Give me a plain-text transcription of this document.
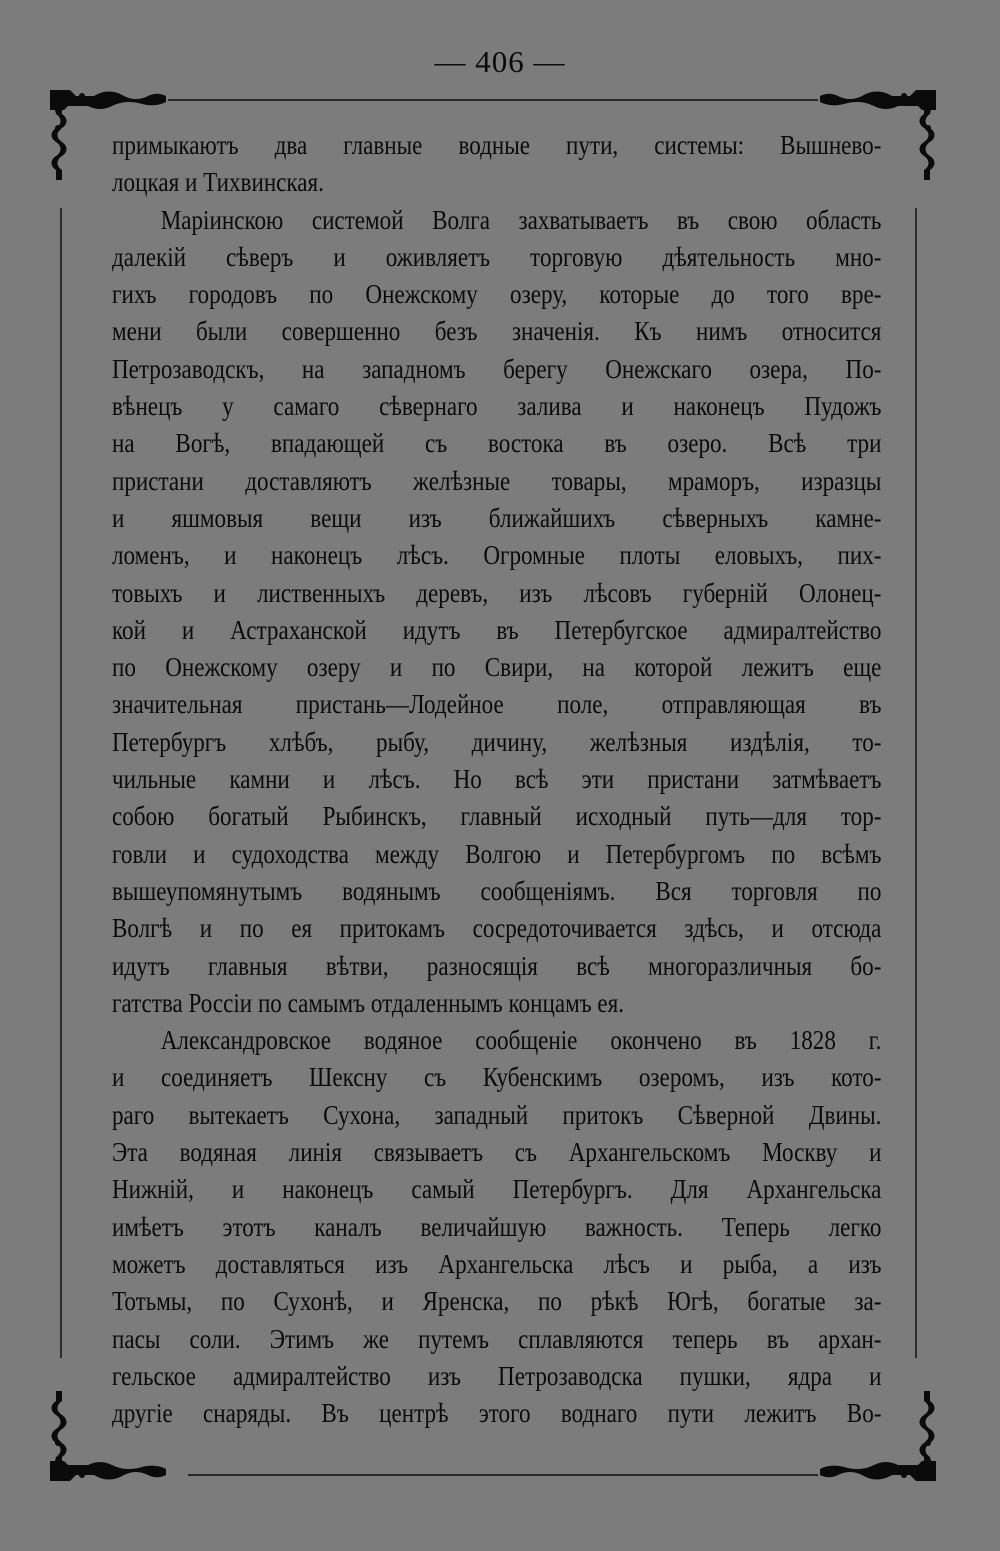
— 406 —
примыкаютъ два главные водные пути, системы: Вышнево-
лоцкая и Тихвинская.
Маріинскою системой Волга захватываетъ въ свою область
далекій сѣверъ и оживляетъ торговую дѣятельность мно-
гихъ городовъ по Онежскому озеру, которые до того вре-
мени были совершенно безъ значенія. Къ нимъ относится
Петрозаводскъ, на западномъ берегу Онежскаго озера, По-
вѣнецъ у самаго сѣвернаго залива и наконецъ Пудожъ
на Вогѣ, впадающей съ востока въ озеро. Всѣ три
пристани доставляютъ желѣзные товары, мраморъ, изразцы
и яшмовыя вещи изъ ближайшихъ сѣверныхъ камне-
ломенъ, и наконецъ лѣсъ. Огромные плоты еловыхъ, пих-
товыхъ и лиственныхъ деревъ, изъ лѣсовъ губерній Олонец-
кой и Астраханской идутъ въ Петербугское адмиралтейство
по Онежскому озеру и по Свири, на которой лежитъ еще
значительная пристань—Лодейное поле, отправляющая въ
Петербургъ хлѣбъ, рыбу, дичину, желѣзныя издѣлія, то-
чильные камни и лѣсъ. Но всѣ эти пристани затмѣваетъ
собою богатый Рыбинскъ, главный исходный путь—для тор-
говли и судоходства между Волгою и Петербургомъ по всѣмъ
вышеупомянутымъ водянымъ сообщеніямъ. Вся торговля по
Волгѣ и по ея притокамъ сосредоточивается здѣсь, и отсюда
идутъ главныя вѣтви, разносящія всѣ многоразличныя бо-
гатства Россіи по самымъ отдаленнымъ концамъ ея.
Александровское водяное сообщеніе окончено въ 1828 г.
и соединяетъ Шексну съ Кубенскимъ озеромъ, изъ кото-
раго вытекаетъ Сухона, западный притокъ Сѣверной Двины.
Эта водяная линія связываетъ съ Архангельскомъ Москву и
Нижній, и наконецъ самый Петербургъ. Для Архангельска
имѣетъ этотъ каналъ величайшую важность. Теперь легко
можетъ доставляться изъ Архангельска лѣсъ и рыба, а изъ
Тотьмы, по Сухонѣ, и Яренска, по рѣкѣ Югѣ, богатые за-
пасы соли. Этимъ же путемъ сплавляются теперь въ архан-
гельское адмиралтейство изъ Петрозаводска пушки, ядра и
другіе снаряды. Въ центрѣ этого воднаго пути лежитъ Во-
